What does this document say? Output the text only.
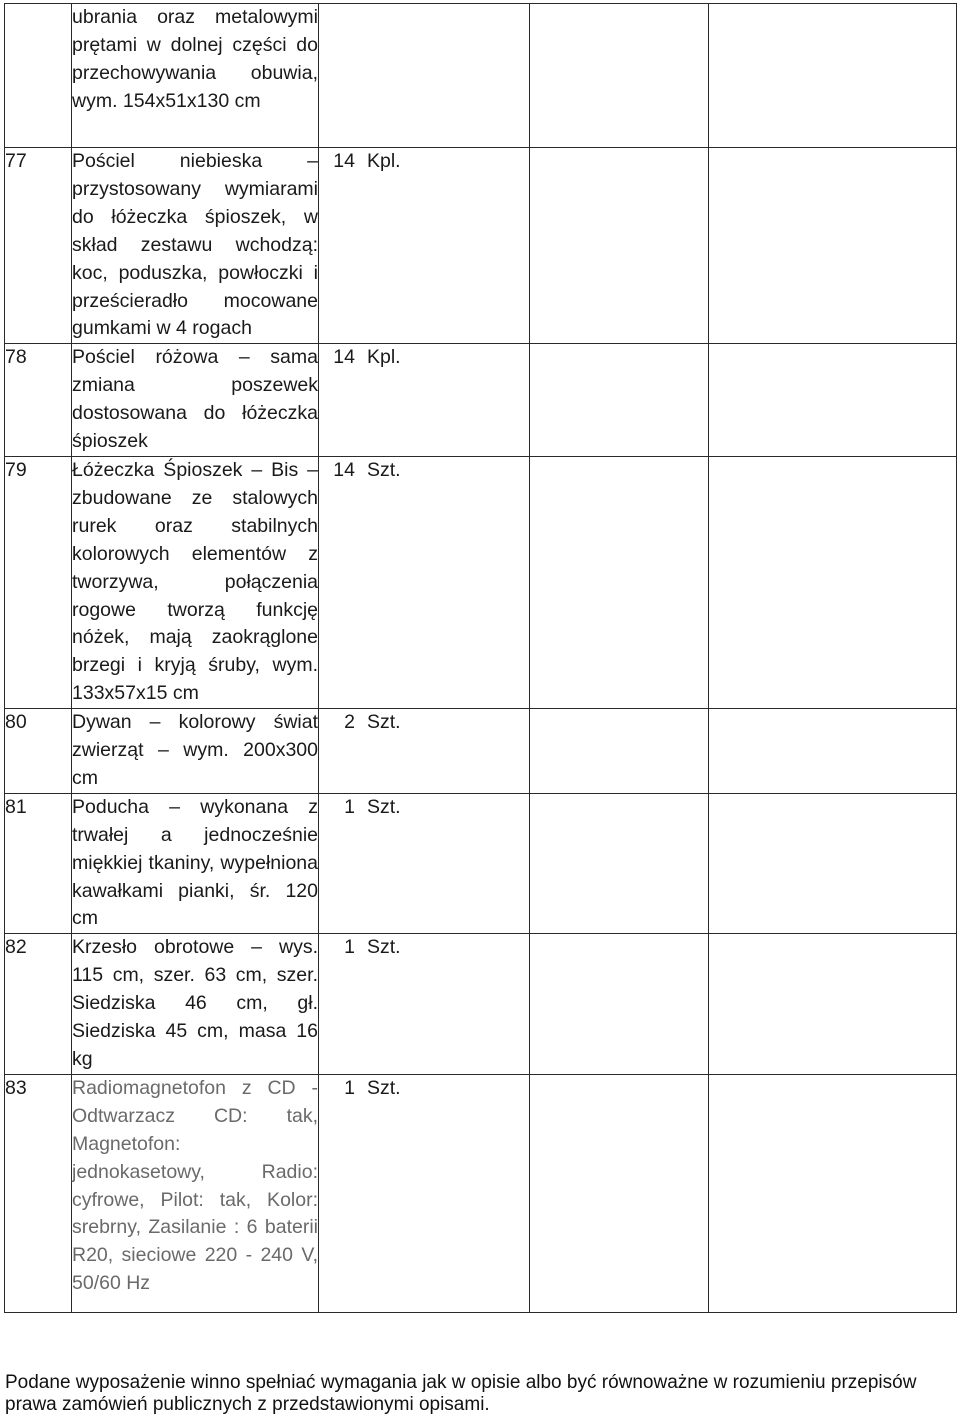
	ubrania oraz metalowymi prętami w dolnej części do przechowywania obuwia, wym. 154x51x130 cm			

77	Pościel niebieska – przystosowany wymiarami do łóżeczka śpioszek, w skład zestawu wchodzą: koc, poduszka, powłoczki i prześcieradło mocowane gumkami w 4 rogach	14 Kpl.		
78	Pościel różowa – sama zmiana poszewek dostosowana do łóżeczka śpioszek	14 Kpl.		
79	Łóżeczka Śpioszek – Bis – zbudowane ze stalowych rurek oraz stabilnych kolorowych elementów z tworzywa, połączenia rogowe tworzą funkcję nóżek, mają zaokrąglone brzegi i kryją śruby, wym. 133x57x15 cm	14 Szt.		
80	Dywan – kolorowy świat zwierząt – wym. 200x300 cm	2 Szt.		
81	Poducha – wykonana z trwałej a jednocześnie miękkiej tkaniny, wypełniona kawałkami pianki, śr. 120 cm	1 Szt.		
82	Krzesło obrotowe – wys. 115 cm, szer. 63 cm, szer. Siedziska 46 cm, gł. Siedziska 45 cm, masa 16 kg	1 Szt.		
83	Radiomagnetofon z CD - Odtwarzacz CD: tak, Magnetofon: jednokasetowy, Radio: cyfrowe, Pilot: tak, Kolor: srebrny, Zasilanie : 6 baterii R20, sieciowe 220 - 240 V, 50/60 Hz	1 Szt.		
Podane wyposażenie winno spełniać wymagania jak w opisie albo być równoważne w rozumieniu przepisów prawa zamówień publicznych z przedstawionymi opisami.
